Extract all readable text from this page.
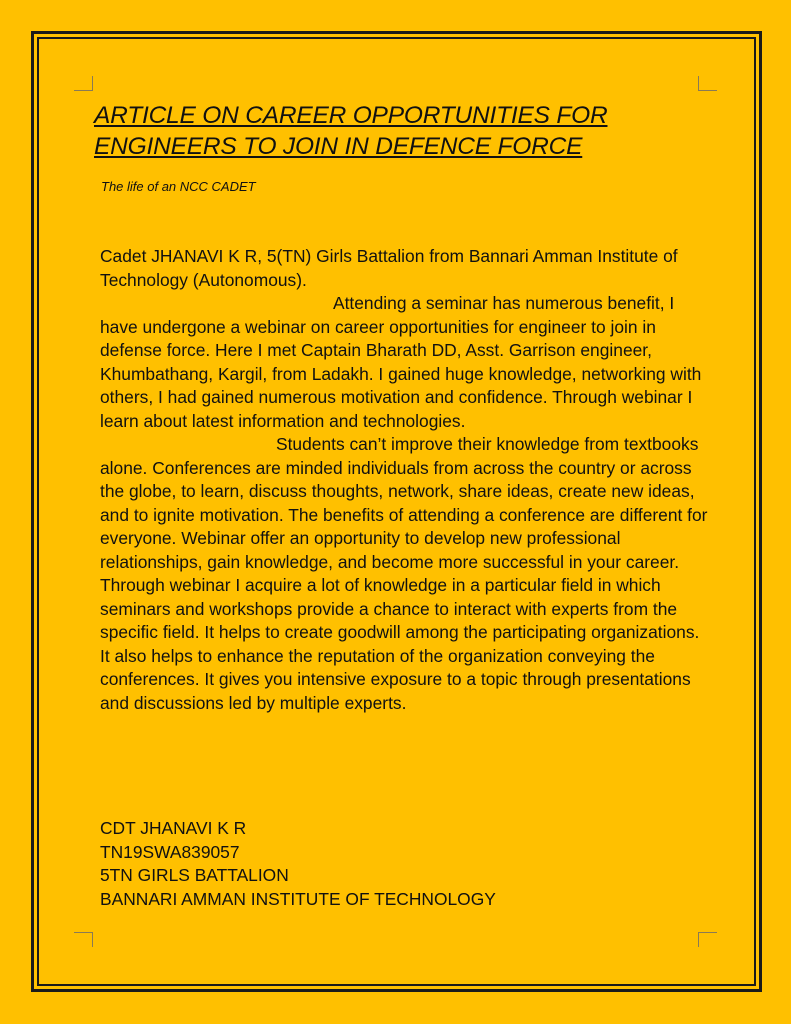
ARTICLE ON CAREER OPPORTUNITIES FOR ENGINEERS TO JOIN IN DEFENCE FORCE

The life of an NCC CADET

Cadet JHANAVI K R, 5(TN) Girls Battalion from Bannari Amman Institute of Technology (Autonomous).

Attending a seminar has numerous benefit, I have undergone a webinar on career opportunities for engineer to join in defense force. Here I met Captain Bharath DD, Asst. Garrison engineer, Khumbathang, Kargil, from Ladakh. I gained huge knowledge, networking with others, I had gained numerous motivation and confidence. Through webinar I learn about latest information and technologies.

Students can’t improve their knowledge from textbooks alone. Conferences are minded individuals from across the country or across the globe, to learn, discuss thoughts, network, share ideas, create new ideas, and to ignite motivation. The benefits of attending a conference are different for everyone. Webinar offer an opportunity to develop new professional relationships, gain knowledge, and become more successful in your career. Through webinar I acquire a lot of knowledge in a particular field in which seminars and workshops provide a chance to interact with experts from the specific field. It helps to create goodwill among the participating organizations. It also helps to enhance the reputation of the organization conveying the conferences. It gives you intensive exposure to a topic through presentations and discussions led by multiple experts.

CDT JHANAVI K R
TN19SWA839057
5TN GIRLS BATTALION
BANNARI AMMAN INSTITUTE OF TECHNOLOGY
